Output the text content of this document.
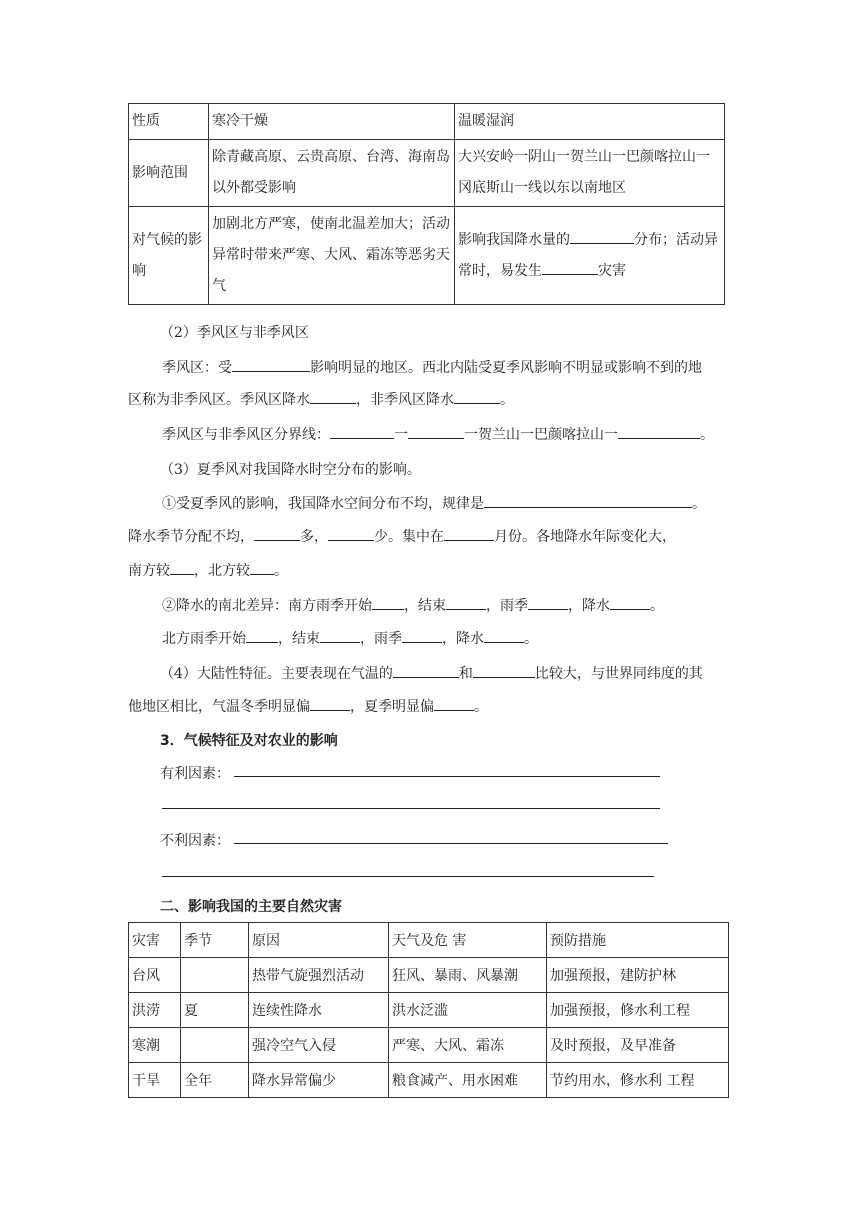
性质	寒冷干燥	温暖湿润
影响范围	除青藏高原、云贵高原、台湾、海南岛以外都受影响	大兴安岭一阴山一贺兰山一巴颜喀拉山一冈底斯山一线以东以南地区
对气候的影响	加剧北方严寒，使南北温差加大；活动异常时带来严寒、大风、霜冻等恶劣天气	影响我国降水量的 分布；活动异常时，易发生 灾害
（2）季风区与非季风区
季风区：受	影响明显的地区。西北内陆受夏季风影响不明显或影响不到的地
区称为非季风区。季风区降水	，非季风区降水	。
季风区与非季风区分界线：	一	一贺兰山一巴颜喀拉山一	。
（3）夏季风对我国降水时空分布的影响。
①受夏季风的影响，我国降水空间分布不均，规律是	。
降水季节分配不均，	多，	少。集中在	月份。各地降水年际变化大，
南方较 ，北方较 。
②降水的南北差异：南方雨季开始 ，结束	，雨季	，降水	。
北方雨季开始 ，结束	，雨季	，降水	。
（4）大陆性特征。主要表现在气温的	和	比较大，与世界同纬度的其
他地区相比，气温冬季明显偏	，夏季明显偏	。
3．气候特征及对农业的影响
有利因素：
不利因素：
二、影响我国的主要自然灾害
灾害	季节	原因	天气及危 害	预防措施
台风		热带气旋强烈活动	狂风、暴雨、风暴潮	加强预报，建防护林
洪涝	夏	连续性降水	洪水泛滥	加强预报，修水利工程
寒潮		强冷空气入侵	严寒、大风、霜冻	及时预报，及早准备
干旱	全年	降水异常偏少	粮食减产、用水困难	节约用水，修水利 工程
